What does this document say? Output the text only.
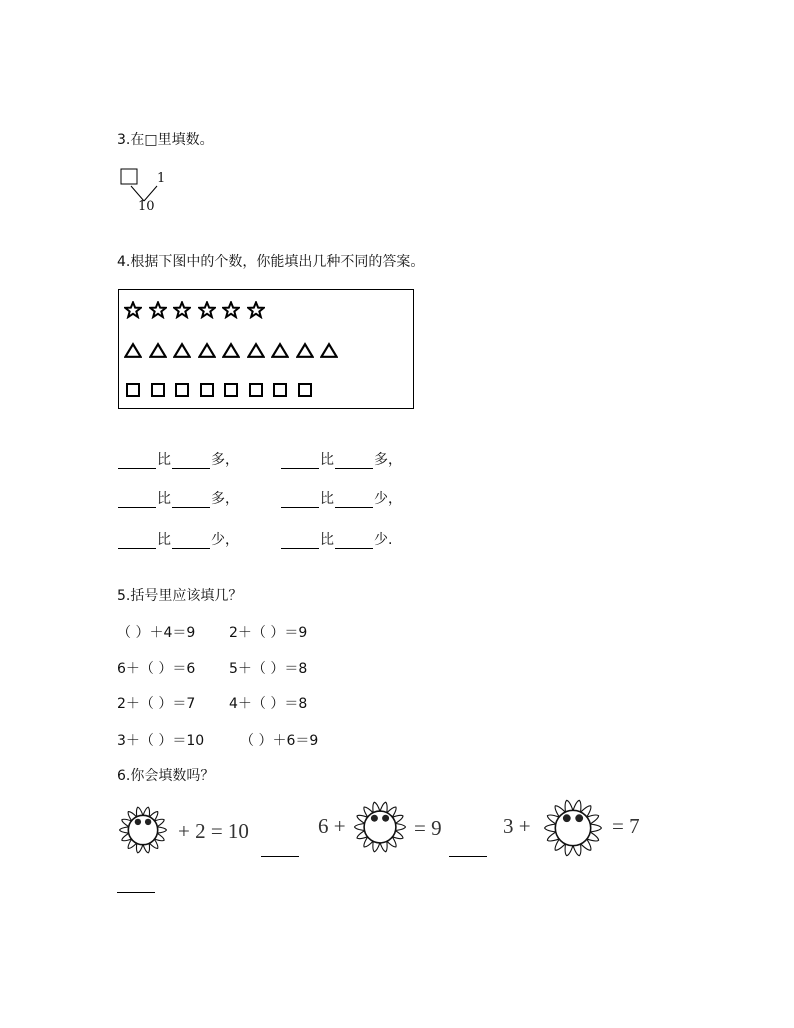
3.在□里填数。
1
10
4.根据下图中的个数，你能填出几种不同的答案。
比	多，	比	多，
比	多，	比	少，
比	少，	比	少.
5.括号里应该填几？
（ ）＋4＝9 2＋（ ）＝9
6＋（ ）＝6 5＋（ ）＝8
2＋（ ）＝7 4＋（ ）＝8
3＋（ ）＝10	（ ）＋6＝9
6.你会填数吗？
+ 2 = 10	6 +	= 9	3 +	= 7
